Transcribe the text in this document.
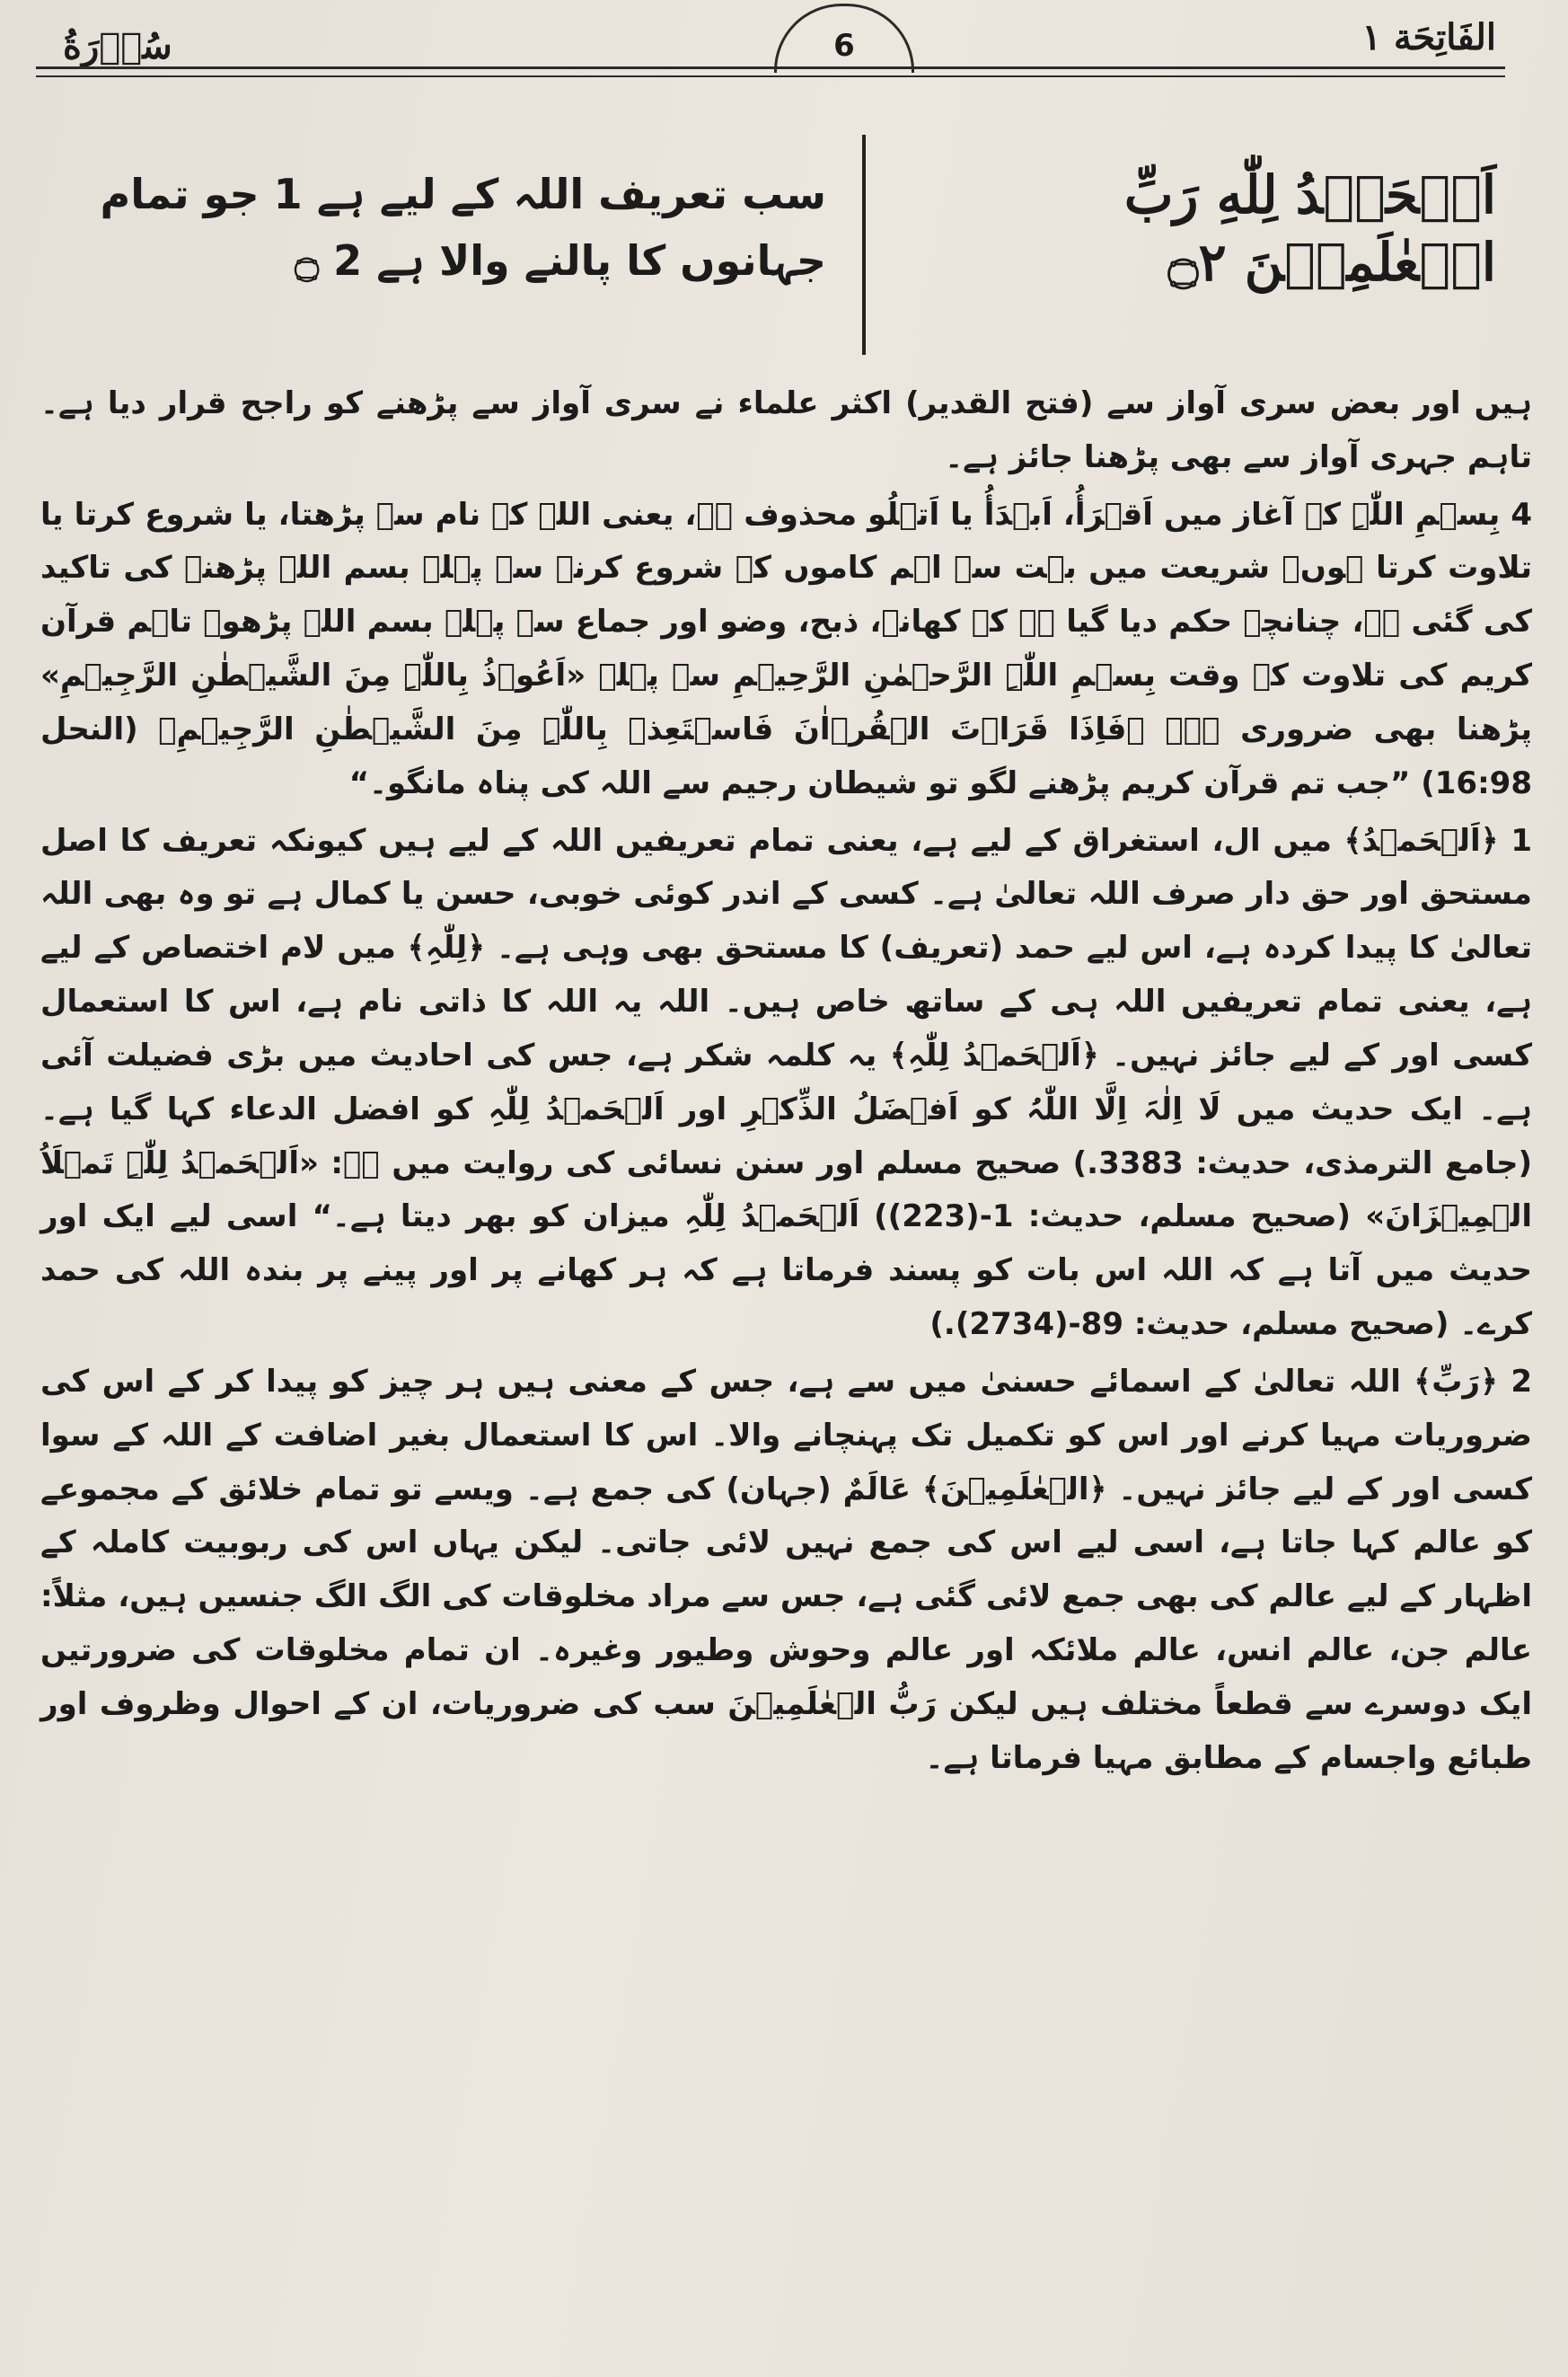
سُوۡرَةُ	6	الفَاتِحَة ۱
اَلۡحَمۡدُ لِلّٰهِ رَبِّ الۡعٰلَمِيۡنَ ۝٢
سب تعریف اللہ کے لیے ہے 1 جو تمام جہانوں کا پالنے والا ہے 2 ۝

ہیں اور بعض سری آواز سے (فتح القدیر) اکثر علماء نے سری آواز سے پڑھنے کو راجح قرار دیا ہے۔ تاہم جہری آواز سے بھی پڑھنا جائز ہے۔

4 بِسۡمِ اللّٰہِ کے آغاز میں اَقۡرَأُ، اَبۡدَأُ یا اَتۡلُو محذوف ہے، یعنی اللہ کے نام سے پڑھتا، یا شروع کرتا یا تلاوت کرتا ہوں۔ شریعت میں بہت سے اہم کاموں کے شروع کرنے سے پہلے بسم اللہ پڑھنے کی تاکید کی گئی ہے، چنانچہ حکم دیا گیا ہے کہ کھانے، ذبح، وضو اور جماع سے پہلے بسم اللہ پڑھو۔ تاہم قرآن کریم کی تلاوت کے وقت بِسۡمِ اللّٰہِ الرَّحۡمٰنِ الرَّحِیۡمِ سے پہلے «اَعُوۡذُ بِاللّٰہِ مِنَ الشَّیۡطٰنِ الرَّجِیۡمِ» پڑھنا بھی ضروری ہے۔ ﴿فَاِذَا قَرَاۡتَ الۡقُرۡاٰنَ فَاسۡتَعِذۡ بِاللّٰہِ مِنَ الشَّیۡطٰنِ الرَّجِیۡمِ﴾ (النحل 16:98) ”جب تم قرآن کریم پڑھنے لگو تو شیطان رجیم سے اللہ کی پناہ مانگو۔“

1 ﴿اَلۡحَمۡدُ﴾ میں ال، استغراق کے لیے ہے، یعنی تمام تعریفیں اللہ کے لیے ہیں کیونکہ تعریف کا اصل مستحق اور حق دار صرف اللہ تعالیٰ ہے۔ کسی کے اندر کوئی خوبی، حسن یا کمال ہے تو وہ بھی اللہ تعالیٰ کا پیدا کردہ ہے، اس لیے حمد (تعریف) کا مستحق بھی وہی ہے۔ ﴿لِلّٰہِ﴾ میں لام اختصاص کے لیے ہے، یعنی تمام تعریفیں اللہ ہی کے ساتھ خاص ہیں۔ اللہ یہ اللہ کا ذاتی نام ہے، اس کا استعمال کسی اور کے لیے جائز نہیں۔ ﴿اَلۡحَمۡدُ لِلّٰہِ﴾ یہ کلمہ شکر ہے، جس کی احادیث میں بڑی فضیلت آئی ہے۔ ایک حدیث میں لَا اِلٰہَ اِلَّا اللّٰہُ کو اَفۡضَلُ الذِّکۡرِ اور اَلۡحَمۡدُ لِلّٰہِ کو افضل الدعاء کہا گیا ہے۔ (جامع الترمذی، حدیث: 3383.) صحیح مسلم اور سنن نسائی کی روایت میں ہے: «اَلۡحَمۡدُ لِلّٰہِ تَمۡلَاُ الۡمِیۡزَانَ» (صحیح مسلم، حدیث: 1-(223)) اَلۡحَمۡدُ لِلّٰہِ میزان کو بھر دیتا ہے۔“ اسی لیے ایک اور حدیث میں آتا ہے کہ اللہ اس بات کو پسند فرماتا ہے کہ ہر کھانے پر اور پینے پر بندہ اللہ کی حمد کرے۔ (صحیح مسلم، حدیث: 89-(2734).)

2 ﴿رَبِّ﴾ اللہ تعالیٰ کے اسمائے حسنیٰ میں سے ہے، جس کے معنی ہیں ہر چیز کو پیدا کر کے اس کی ضروریات مہیا کرنے اور اس کو تکمیل تک پہنچانے والا۔ اس کا استعمال بغیر اضافت کے اللہ کے سوا کسی اور کے لیے جائز نہیں۔ ﴿الۡعٰلَمِیۡنَ﴾ عَالَمٌ (جہان) کی جمع ہے۔ ویسے تو تمام خلائق کے مجموعے کو عالم کہا جاتا ہے، اسی لیے اس کی جمع نہیں لائی جاتی۔ لیکن یہاں اس کی ربوبیت کاملہ کے اظہار کے لیے عالم کی بھی جمع لائی گئی ہے، جس سے مراد مخلوقات کی الگ الگ جنسیں ہیں، مثلاً: عالم جن، عالم انس، عالم ملائکہ اور عالم وحوش وطیور وغیرہ۔ ان تمام مخلوقات کی ضرورتیں ایک دوسرے سے قطعاً مختلف ہیں لیکن رَبُّ الۡعٰلَمِیۡنَ سب کی ضروریات، ان کے احوال وظروف اور طبائع واجسام کے مطابق مہیا فرماتا ہے۔
